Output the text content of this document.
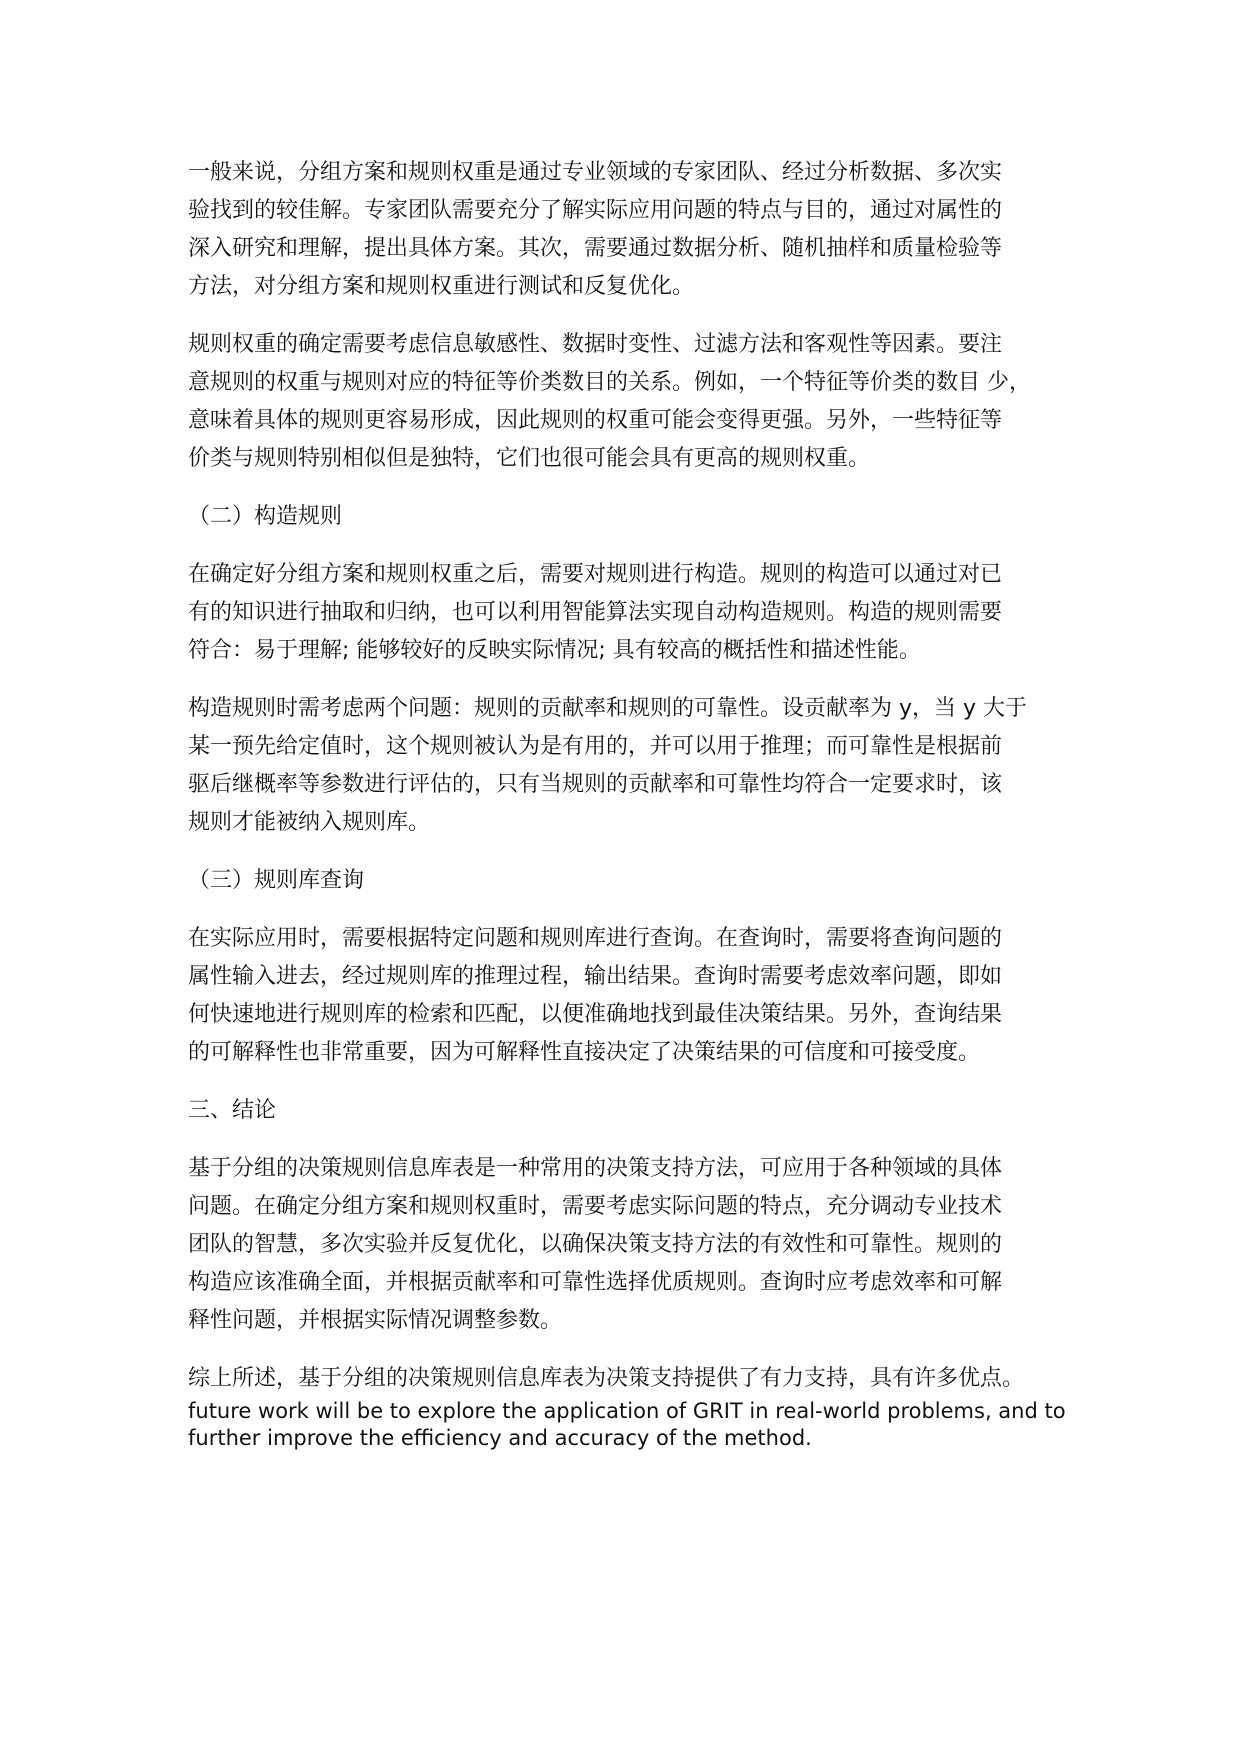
一般来说，分组方案和规则权重是通过专业领域的专家团队、经过分析数据、多次实
验找到的较佳解。专家团队需要充分了解实际应用问题的特点与目的，通过对属性的
深入研究和理解，提出具体方案。其次，需要通过数据分析、随机抽样和质量检验等
方法，对分组方案和规则权重进行测试和反复优化。

规则权重的确定需要考虑信息敏感性、数据时变性、过滤方法和客观性等因素。要注
意规则的权重与规则对应的特征等价类数目的关系。例如，一个特征等价类的数目 少，
意味着具体的规则更容易形成，因此规则的权重可能会变得更强。另外，一些特征等
价类与规则特别相似但是独特，它们也很可能会具有更高的规则权重。

（二）构造规则

在确定好分组方案和规则权重之后，需要对规则进行构造。规则的构造可以通过对已
有的知识进行抽取和归纳，也可以利用智能算法实现自动构造规则。构造的规则需要
符合：易于理解; 能够较好的反映实际情况; 具有较高的概括性和描述性能。

构造规则时需考虑两个问题：规则的贡献率和规则的可靠性。设贡献率为 y，当 y 大于
某一预先给定值时，这个规则被认为是有用的，并可以用于推理；而可靠性是根据前
驱后继概率等参数进行评估的，只有当规则的贡献率和可靠性均符合一定要求时，该
规则才能被纳入规则库。

（三）规则库查询

在实际应用时，需要根据特定问题和规则库进行查询。在查询时，需要将查询问题的
属性输入进去，经过规则库的推理过程，输出结果。查询时需要考虑效率问题，即如
何快速地进行规则库的检索和匹配，以便准确地找到最佳决策结果。另外，查询结果
的可解释性也非常重要，因为可解释性直接决定了决策结果的可信度和可接受度。

三、结论

基于分组的决策规则信息库表是一种常用的决策支持方法，可应用于各种领域的具体
问题。在确定分组方案和规则权重时，需要考虑实际问题的特点，充分调动专业技术
团队的智慧，多次实验并反复优化，以确保决策支持方法的有效性和可靠性。规则的
构造应该准确全面，并根据贡献率和可靠性选择优质规则。查询时应考虑效率和可解
释性问题，并根据实际情况调整参数。

综上所述，基于分组的决策规则信息库表为决策支持提供了有力支持，具有许多优点。
future work will be to explore the application of GRIT in real-world problems, and to
further improve the efficiency and accuracy of the method.
